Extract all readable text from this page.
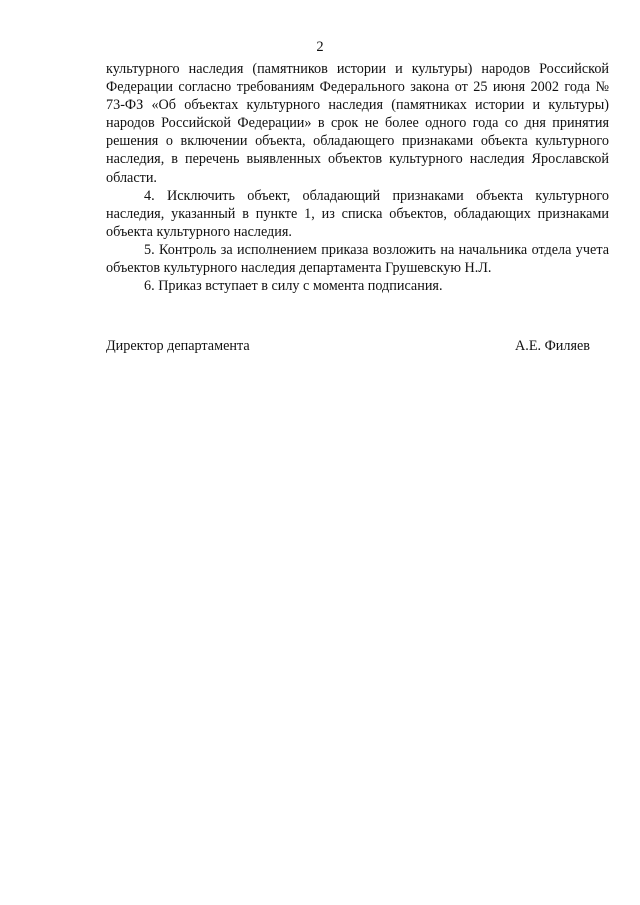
2

культурного наследия (памятников истории и культуры) народов Российской Федерации согласно требованиям Федерального закона от 25 июня 2002 года № 73-ФЗ «Об объектах культурного наследия (памятниках истории и культуры) народов Российской Федерации» в срок не более одного года со дня принятия решения о включении объекта, обладающего признаками объекта культурного наследия, в перечень выявленных объектов культурного наследия Ярославской области.

4. Исключить объект, обладающий признаками объекта культурного наследия, указанный в пункте 1, из списка объектов, обладающих признаками объекта культурного наследия.

5. Контроль за исполнением приказа возложить на начальника отдела учета объектов культурного наследия департамента Грушевскую Н.Л.

6. Приказ вступает в силу с момента подписания.

Директор департамента	А.Е. Филяев
